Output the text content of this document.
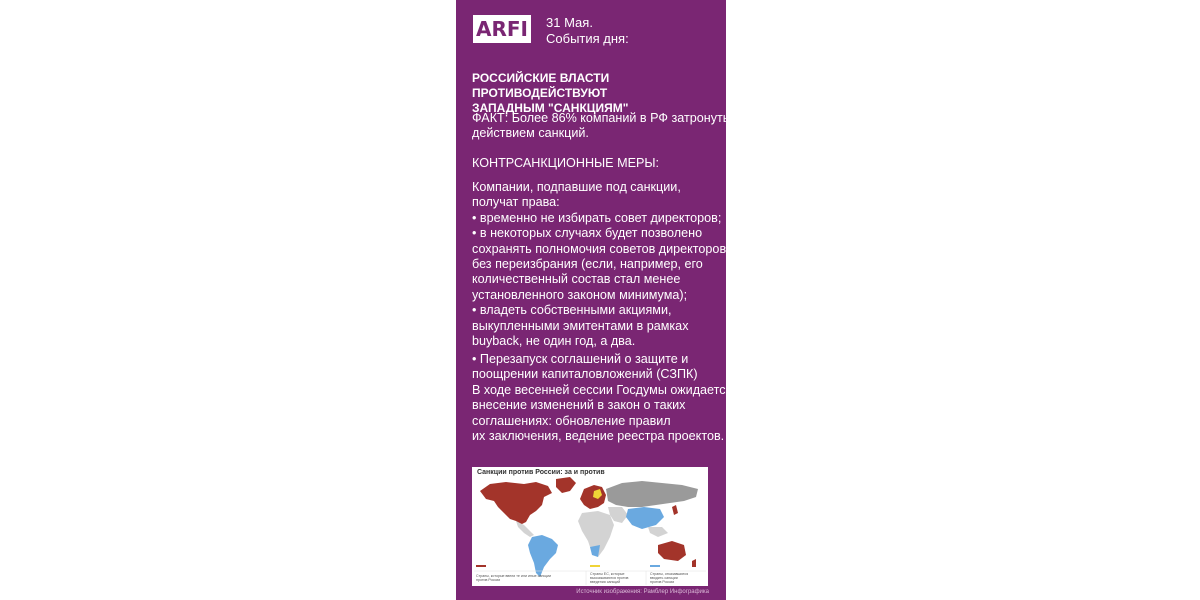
ARFI 31 Мая.
События дня:
РОССИЙСКИЕ ВЛАСТИ ПРОТИВОДЕЙСТВУЮТ
ЗАПАДНЫМ "САНКЦИЯМ"
ФАКТ: Более 86% компаний в РФ затронуты
действием санкций.
КОНТРСАНКЦИОННЫЕ МЕРЫ:
Компании, подпавшие под санкции,
получат права:
• временно не избирать совет директоров;
• в некоторых случаях будет позволено
сохранять полномочия советов директоров
без переизбрания (если, например, его
количественный состав стал менее
установленного законом минимума);
• владеть собственными акциями,
выкупленными эмитентами в рамках
buyback, не один год, а два.
• Перезапуск соглашений о защите и
поощрении капиталовложений (СЗПК)
В ходе весенней сессии Госдумы ожидается
внесение изменений в закон о таких
соглашениях: обновление правил
их заключения, ведение реестра проектов.
Санкции против России: за и против
Страны, которые ввели те или иные санкции
против России
Страны ЕС, которые
высказываются против
введения санкций
Страны, отказавшиеся
вводить санкции
против России
Источник изображения: Рамблер Инфографика
